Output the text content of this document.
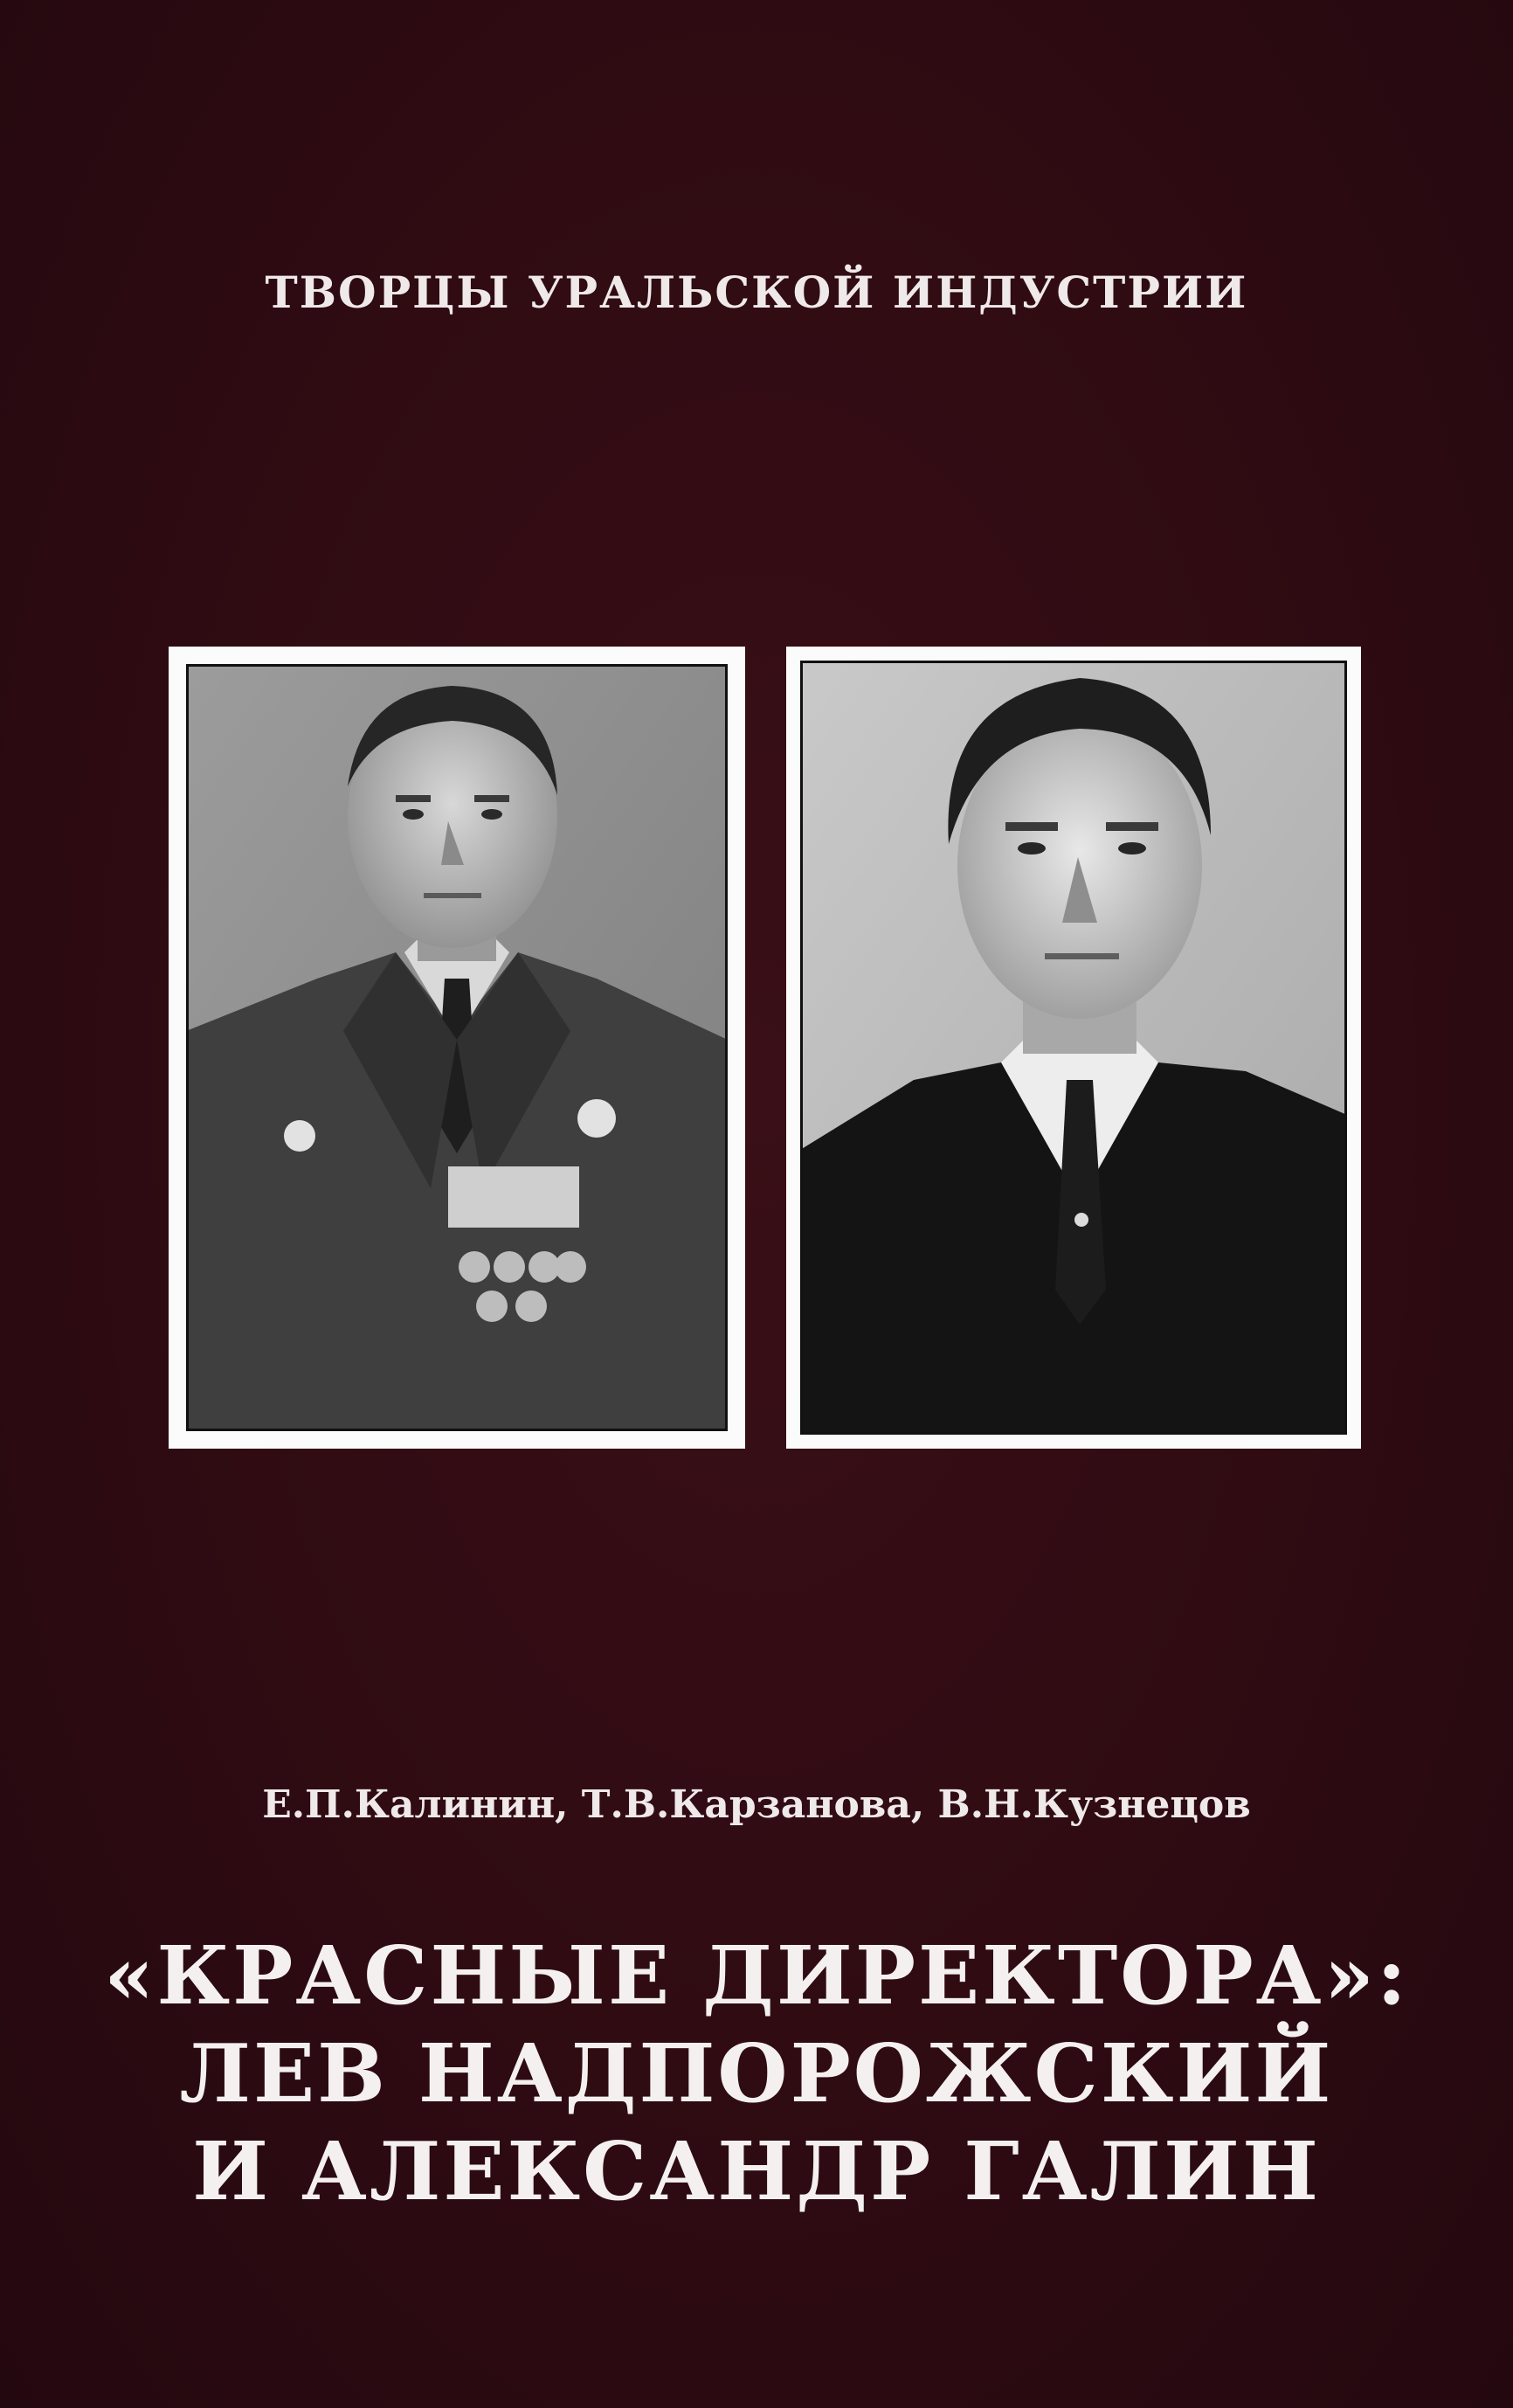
ТВОРЦЫ УРАЛЬСКОЙ ИНДУСТРИИ
Е.П.Калинин, Т.В.Карзанова, В.Н.Кузнецов
«КРАСНЫЕ ДИРЕКТОРА»:
ЛЕВ НАДПОРОЖСКИЙ
И АЛЕКСАНДР ГАЛИН
